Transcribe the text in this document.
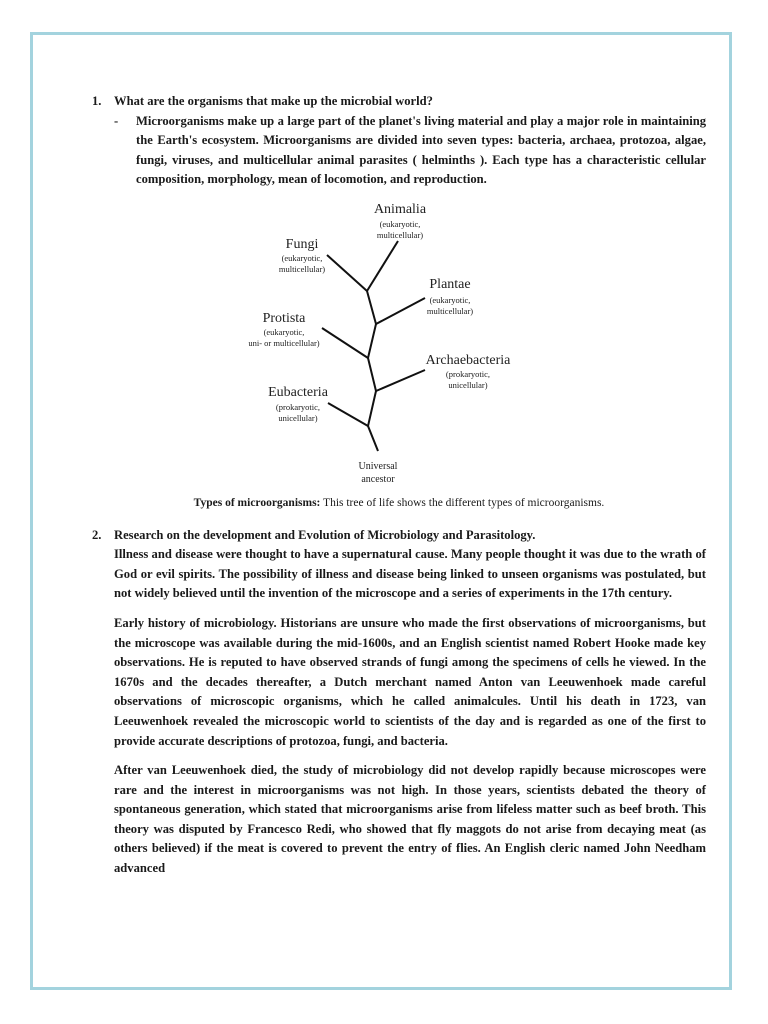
1. What are the organisms that make up the microbial world?
-	Microorganisms make up a large part of the planet's living material and play a major role in maintaining the Earth's ecosystem. Microorganisms are divided into seven types: bacteria, archaea, protozoa, algae, fungi, viruses, and multicellular animal parasites ( helminths ). Each type has a characteristic cellular composition, morphology, mean of locomotion, and reproduction.
Animalia
(eukaryotic,
multicellular)
Fungi
(eukaryotic,
multicellular)
Plantae
(eukaryotic,
multicellular)
Protista
(eukaryotic,
uni- or multicellular)
Archaebacteria
(prokaryotic,
unicellular)
Eubacteria
(prokaryotic,
unicellular)
Universal
ancestor
Types of microorganisms: This tree of life shows the different types of microorganisms.
2. Research on the development and Evolution of Microbiology and Parasitology.
Illness and disease were thought to have a supernatural cause. Many people thought it was due to the wrath of God or evil spirits. The possibility of illness and disease being linked to unseen organisms was postulated, but not widely believed until the invention of the microscope and a series of experiments in the 17th century.
Early history of microbiology. Historians are unsure who made the first observations of microorganisms, but the microscope was available during the mid-1600s, and an English scientist named Robert Hooke made key observations. He is reputed to have observed strands of fungi among the specimens of cells he viewed. In the 1670s and the decades thereafter, a Dutch merchant named Anton van Leeuwenhoek made careful observations of microscopic organisms, which he called animalcules. Until his death in 1723, van Leeuwenhoek revealed the microscopic world to scientists of the day and is regarded as one of the first to provide accurate descriptions of protozoa, fungi, and bacteria.
After van Leeuwenhoek died, the study of microbiology did not develop rapidly because microscopes were rare and the interest in microorganisms was not high. In those years, scientists debated the theory of spontaneous generation, which stated that microorganisms arise from lifeless matter such as beef broth. This theory was disputed by Francesco Redi, who showed that fly maggots do not arise from decaying meat (as others believed) if the meat is covered to prevent the entry of flies. An English cleric named John Needham advanced
